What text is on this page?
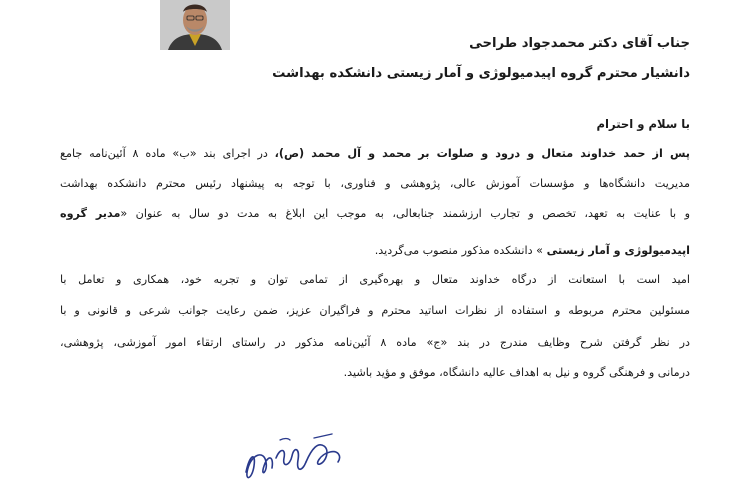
جناب آقای دکتر محمدجواد طراحی
دانشیار محترم گروه اپیدمیولوژی و آمار زیستی دانشکده بهداشت
با سلام و احترام
پس از حمد خداوند متعال و درود و صلوات بر محمد و آل محمد (ص)، در اجرای بند «ب» ماده ۸ آئین‌نامه جامع
مدیریت دانشگاه‌ها و مؤسسات آموزش عالی، پژوهشی و فناوری، با توجه به پیشنهاد رئیس محترم دانشکده بهداشت
و با عنایت به تعهد، تخصص و تجارب ارزشمند جنابعالی، به موجب این ابلاغ به مدت دو سال به عنوان «مدیر گروه
اپیدمیولوژی و آمار زیستی » دانشکده مذکور منصوب می‌گردید.
امید است با استعانت از درگاه خداوند متعال و بهره‌گیری از تمامی توان و تجربه خود، همکاری و تعامل با
مسئولین محترم مربوطه و استفاده از نظرات اساتید محترم و فراگیران عزیز، ضمن رعایت جوانب شرعی و قانونی و با
در نظر گرفتن شرح وظایف مندرج در بند «ج» ماده ۸ آئین‌نامه مذکور در راستای ارتقاء امور آموزشی، پژوهشی،
درمانی و فرهنگی گروه و نیل به اهداف عالیه دانشگاه، موفق و مؤید باشید.
